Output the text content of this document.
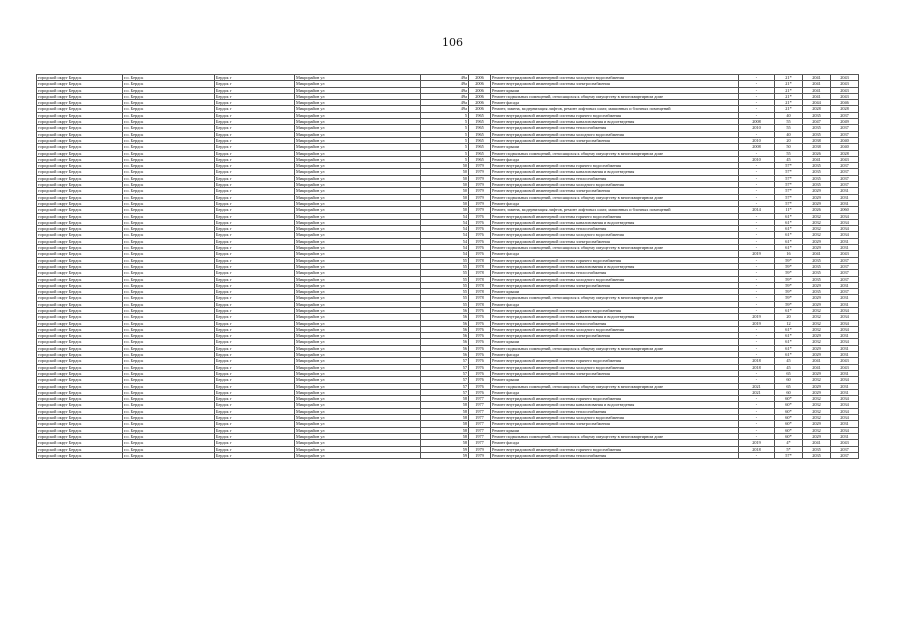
106
городской округ Бердск	г.о. Бердск	Бердск г	Микрорайон ул	49а	2006	Ремонт внутридомовой инженерной системы холодного водоснабжения	-	21*	2041	2043
городской округ Бердск	г.о. Бердск	Бердск г	Микрорайон ул	49а	2006	Ремонт внутридомовой инженерной системы электроснабжения	-	21*	2041	2043
городской округ Бердск	г.о. Бердск	Бердск г	Микрорайон ул	49а	2006	Ремонт крыши	-	21*	2041	2043
городской округ Бердск	г.о. Бердск	Бердск г	Микрорайон ул	49а	2006	Ремонт подвальных помещений, относящихся к общему имуществу в многоквартирном доме	-	21*	2041	2043
городской округ Бердск	г.о. Бердск	Бердск г	Микрорайон ул	49а	2006	Ремонт фасада	-	21*	2044	2046
городской округ Бердск	г.о. Бердск	Бердск г	Микрорайон ул	49а	2006	Ремонт, замена, модернизация лифтов, ремонт лифтовых шахт, машинных и блочных помещений	-	21*	2028	2028
городской округ Бердск	г.о. Бердск	Бердск г	Микрорайон ул	5	1965	Ремонт внутридомовой инженерной системы горячего водоснабжения	-	40	2035	2037
городской округ Бердск	г.о. Бердск	Бердск г	Микрорайон ул	5	1965	Ремонт внутридомовой инженерной системы канализования и водоотведения	2008	55	2047	2049
городской округ Бердск	г.о. Бердск	Бердск г	Микрорайон ул	5	1965	Ремонт внутридомовой инженерной системы теплоснабжения	2010	55	2035	2037
городской округ Бердск	г.о. Бердск	Бердск г	Микрорайон ул	5	1965	Ремонт внутридомовой инженерной системы холодного водоснабжения	-	40	2035	2037
городской округ Бердск	г.о. Бердск	Бердск г	Микрорайон ул	5	1965	Ремонт внутридомовой инженерной системы электроснабжения	2010	20	2038	2040
городской округ Бердск	г.о. Бердск	Бердск г	Микрорайон ул	5	1965	Ремонт крыши	2008	50	2038	2040
городской округ Бердск	г.о. Бердск	Бердск г	Микрорайон ул	5	1965	Ремонт подвальных помещений, относящихся к общему имуществу в многоквартирном доме	-	55	2026	2028
городской округ Бердск	г.о. Бердск	Бердск г	Микрорайон ул	5	1965	Ремонт фасада	2010	45	2041	2043
городской округ Бердск	г.о. Бердск	Бердск г	Микрорайон ул	50	1979	Ремонт внутридомовой инженерной системы горячего водоснабжения	-	57*	2035	2037
городской округ Бердск	г.о. Бердск	Бердск г	Микрорайон ул	50	1979	Ремонт внутридомовой инженерной системы канализования и водоотведения	-	57*	2035	2037
городской округ Бердск	г.о. Бердск	Бердск г	Микрорайон ул	50	1979	Ремонт внутридомовой инженерной системы теплоснабжения	-	57*	2035	2037
городской округ Бердск	г.о. Бердск	Бердск г	Микрорайон ул	50	1979	Ремонт внутридомовой инженерной системы холодного водоснабжения	-	57*	2035	2037
городской округ Бердск	г.о. Бердск	Бердск г	Микрорайон ул	50	1979	Ремонт внутридомовой инженерной системы электроснабжения	-	57*	2029	2031
городской округ Бердск	г.о. Бердск	Бердск г	Микрорайон ул	50	1979	Ремонт подвальных помещений, относящихся к общему имуществу в многоквартирном доме	-	57*	2029	2031
городской округ Бердск	г.о. Бердск	Бердск г	Микрорайон ул	50	1979	Ремонт фасада	-	57*	2029	2031
городской округ Бердск	г.о. Бердск	Бердск г	Микрорайон ул	50	1979	Ремонт, замена, модернизация лифтов, ремонт лифтовых шахт, машинных и блочных помещений	2014	11*	2026	2060
городской округ Бердск	г.о. Бердск	Бердск г	Микрорайон ул	54	1976	Ремонт внутридомовой инженерной системы горячего водоснабжения	-	61*	2032	2034
городской округ Бердск	г.о. Бердск	Бердск г	Микрорайон ул	54	1976	Ремонт внутридомовой инженерной системы канализования и водоотведения	-	61*	2032	2034
городской округ Бердск	г.о. Бердск	Бердск г	Микрорайон ул	54	1976	Ремонт внутридомовой инженерной системы теплоснабжения	-	61*	2032	2034
городской округ Бердск	г.о. Бердск	Бердск г	Микрорайон ул	54	1976	Ремонт внутридомовой инженерной системы холодного водоснабжения	-	61*	2032	2034
городской округ Бердск	г.о. Бердск	Бердск г	Микрорайон ул	54	1976	Ремонт внутридомовой инженерной системы электроснабжения	-	61*	2029	2031
городской округ Бердск	г.о. Бердск	Бердск г	Микрорайон ул	54	1976	Ремонт подвальных помещений, относящихся к общему имуществу в многоквартирном доме	-	61*	2029	2031
городской округ Бердск	г.о. Бердск	Бердск г	Микрорайон ул	54	1976	Ремонт фасада	2019	16	2041	2043
городской округ Бердск	г.о. Бердск	Бердск г	Микрорайон ул	55	1978	Ремонт внутридомовой инженерной системы горячего водоснабжения	-	59*	2035	2037
городской округ Бердск	г.о. Бердск	Бердск г	Микрорайон ул	55	1978	Ремонт внутридомовой инженерной системы канализования и водоотведения	-	59*	2035	2037
городской округ Бердск	г.о. Бердск	Бердск г	Микрорайон ул	55	1978	Ремонт внутридомовой инженерной системы теплоснабжения	-	59*	2035	2037
городской округ Бердск	г.о. Бердск	Бердск г	Микрорайон ул	55	1978	Ремонт внутридомовой инженерной системы холодного водоснабжения	-	59*	2035	2037
городской округ Бердск	г.о. Бердск	Бердск г	Микрорайон ул	55	1978	Ремонт внутридомовой инженерной системы электроснабжения	-	59*	2029	2031
городской округ Бердск	г.о. Бердск	Бердск г	Микрорайон ул	55	1978	Ремонт крыши	-	59*	2035	2037
городской округ Бердск	г.о. Бердск	Бердск г	Микрорайон ул	55	1978	Ремонт подвальных помещений, относящихся к общему имуществу в многоквартирном доме	-	59*	2029	2031
городской округ Бердск	г.о. Бердск	Бердск г	Микрорайон ул	55	1978	Ремонт фасада	-	59*	2029	2031
городской округ Бердск	г.о. Бердск	Бердск г	Микрорайон ул	56	1976	Ремонт внутридомовой инженерной системы горячего водоснабжения	-	61*	2032	2034
городской округ Бердск	г.о. Бердск	Бердск г	Микрорайон ул	56	1976	Ремонт внутридомовой инженерной системы канализования и водоотведения	2019	20	2032	2034
городской округ Бердск	г.о. Бердск	Бердск г	Микрорайон ул	56	1976	Ремонт внутридомовой инженерной системы теплоснабжения	2019	12	2032	2034
городской округ Бердск	г.о. Бердск	Бердск г	Микрорайон ул	56	1976	Ремонт внутридомовой инженерной системы холодного водоснабжения	-	61*	2032	2034
городской округ Бердск	г.о. Бердск	Бердск г	Микрорайон ул	56	1976	Ремонт внутридомовой инженерной системы электроснабжения	-	61*	2029	2031
городской округ Бердск	г.о. Бердск	Бердск г	Микрорайон ул	56	1976	Ремонт крыши	-	61*	2032	2034
городской округ Бердск	г.о. Бердск	Бердск г	Микрорайон ул	56	1976	Ремонт подвальных помещений, относящихся к общему имуществу в многоквартирном доме	-	61*	2029	2031
городской округ Бердск	г.о. Бердск	Бердск г	Микрорайон ул	56	1976	Ремонт фасада	-	61*	2029	2031
городской округ Бердск	г.о. Бердск	Бердск г	Микрорайон ул	57	1976	Ремонт внутридомовой инженерной системы горячего водоснабжения	2018	45	2041	2043
городской округ Бердск	г.о. Бердск	Бердск г	Микрорайон ул	57	1976	Ремонт внутридомовой инженерной системы холодного водоснабжения	2018	45	2041	2043
городской округ Бердск	г.о. Бердск	Бердск г	Микрорайон ул	57	1976	Ремонт внутридомовой инженерной системы электроснабжения	-	65	2029	2031
городской округ Бердск	г.о. Бердск	Бердск г	Микрорайон ул	57	1976	Ремонт крыши	-	60	2032	2034
городской округ Бердск	г.о. Бердск	Бердск г	Микрорайон ул	57	1976	Ремонт подвальных помещений, относящихся к общему имуществу в многоквартирном доме	2021	65	2029	2031
городской округ Бердск	г.о. Бердск	Бердск г	Микрорайон ул	57	1976	Ремонт фасада	2021	60	2029	2031
городской округ Бердск	г.о. Бердск	Бердск г	Микрорайон ул	58	1977	Ремонт внутридомовой инженерной системы горячего водоснабжения	-	60*	2032	2034
городской округ Бердск	г.о. Бердск	Бердск г	Микрорайон ул	58	1977	Ремонт внутридомовой инженерной системы канализования и водоотведения	-	60*	2032	2034
городской округ Бердск	г.о. Бердск	Бердск г	Микрорайон ул	58	1977	Ремонт внутридомовой инженерной системы теплоснабжения	-	60*	2032	2034
городской округ Бердск	г.о. Бердск	Бердск г	Микрорайон ул	58	1977	Ремонт внутридомовой инженерной системы холодного водоснабжения	-	60*	2032	2034
городской округ Бердск	г.о. Бердск	Бердск г	Микрорайон ул	58	1977	Ремонт внутридомовой инженерной системы электроснабжения	-	60*	2029	2031
городской округ Бердск	г.о. Бердск	Бердск г	Микрорайон ул	58	1977	Ремонт крыши	-	60*	2032	2034
городской округ Бердск	г.о. Бердск	Бердск г	Микрорайон ул	58	1977	Ремонт подвальных помещений, относящихся к общему имуществу в многоквартирном доме	-	60*	2029	2031
городской округ Бердск	г.о. Бердск	Бердск г	Микрорайон ул	58	1977	Ремонт фасада	2019	4*	2041	2043
городской округ Бердск	г.о. Бердск	Бердск г	Микрорайон ул	59	1979	Ремонт внутридомовой инженерной системы горячего водоснабжения	2018	5*	2035	2037
городской округ Бердск	г.о. Бердск	Бердск г	Микрорайон ул	59	1979	Ремонт внутридомовой инженерной системы теплоснабжения	-	57*	2035	2037
